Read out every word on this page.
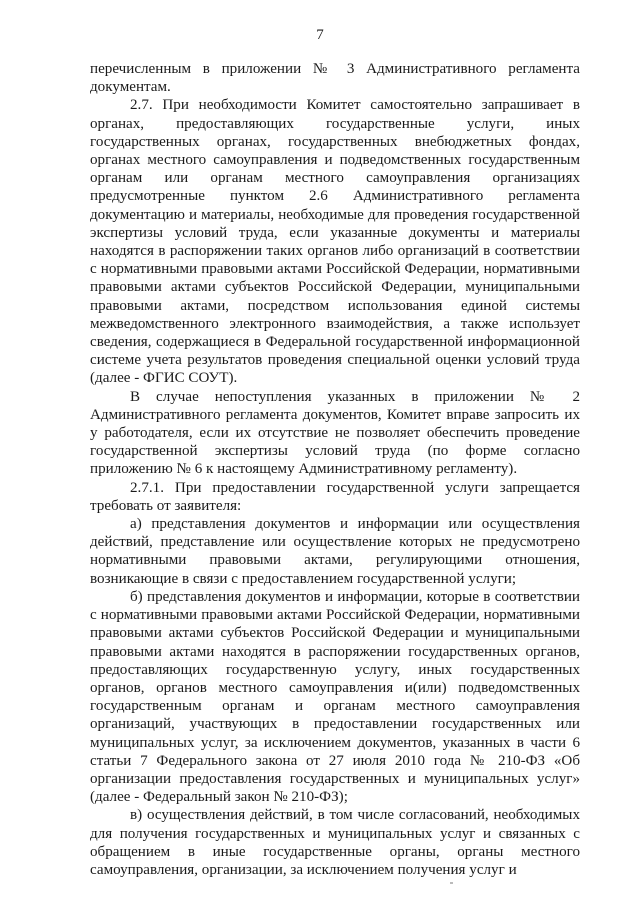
7

перечисленным в приложении № 3 Административного регламента документам.

2.7. При необходимости Комитет самостоятельно запрашивает в органах, предоставляющих государственные услуги, иных государственных органах, государственных внебюджетных фондах, органах местного самоуправления и подведомственных государственным органам или органам местного самоуправления организациях предусмотренные пунктом 2.6 Административного регламента документацию и материалы, необходимые для проведения государственной экспертизы условий труда, если указанные документы и материалы находятся в распоряжении таких органов либо организаций в соответствии с нормативными правовыми актами Российской Федерации, нормативными правовыми актами субъектов Российской Федерации, муниципальными правовыми актами, посредством использования единой системы межведомственного электронного взаимодействия, а также использует сведения, содержащиеся в Федеральной государственной информационной системе учета результатов проведения специальной оценки условий труда (далее - ФГИС СОУТ).

В случае непоступления указанных в приложении № 2 Административного регламента документов, Комитет вправе запросить их у работодателя, если их отсутствие не позволяет обеспечить проведение государственной экспертизы условий труда (по форме согласно приложению № 6 к настоящему Административному регламенту).

2.7.1. При предоставлении государственной услуги запрещается требовать от заявителя:

а) представления документов и информации или осуществления действий, представление или осуществление которых не предусмотрено нормативными правовыми актами, регулирующими отношения, возникающие в связи с предоставлением государственной услуги;

б) представления документов и информации, которые в соответствии с нормативными правовыми актами Российской Федерации, нормативными правовыми актами субъектов Российской Федерации и муниципальными правовыми актами находятся в распоряжении государственных органов, предоставляющих государственную услугу, иных государственных органов, органов местного самоуправления и(или) подведомственных государственным органам и органам местного самоуправления организаций, участвующих в предоставлении государственных или муниципальных услуг, за исключением документов, указанных в части 6 статьи 7 Федерального закона от 27 июля 2010 года № 210-ФЗ «Об организации предоставления государственных и муниципальных услуг» (далее - Федеральный закон № 210-ФЗ);

в) осуществления действий, в том числе согласований, необходимых для получения государственных и муниципальных услуг и связанных с обращением в иные государственные органы, органы местного самоуправления, организации, за исключением получения услуг и
